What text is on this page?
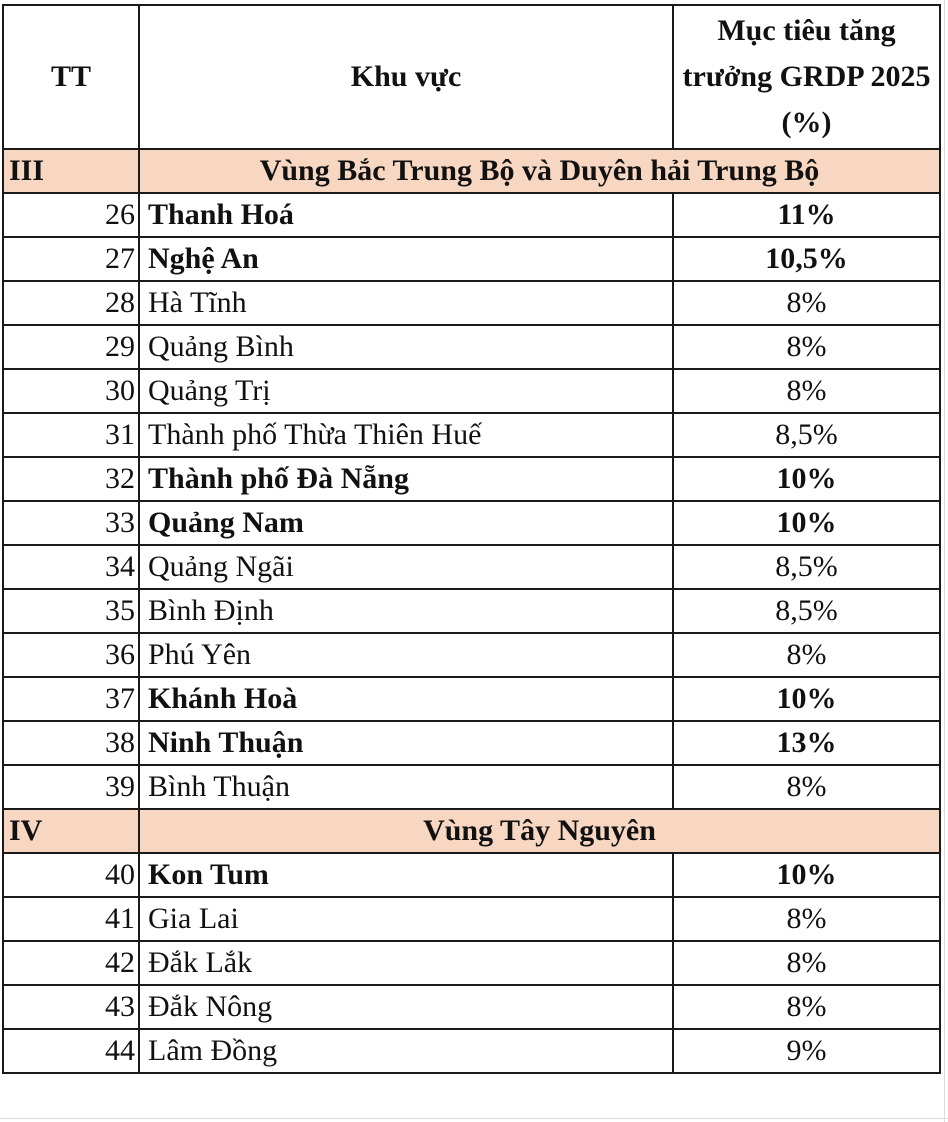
TT	Khu vực	Mục tiêu tăng trưởng GRDP 2025 (%)
III	Vùng Bắc Trung Bộ và Duyên hải Trung Bộ	
26	Thanh Hoá	11%
27	Nghệ An	10,5%
28	Hà Tĩnh	8%
29	Quảng Bình	8%
30	Quảng Trị	8%
31	Thành phố Thừa Thiên Huế	8,5%
32	Thành phố Đà Nẵng	10%
33	Quảng Nam	10%
34	Quảng Ngãi	8,5%
35	Bình Định	8,5%
36	Phú Yên	8%
37	Khánh Hoà	10%
38	Ninh Thuận	13%
39	Bình Thuận	8%
IV	Vùng Tây Nguyên	
40	Kon Tum	10%
41	Gia Lai	8%
42	Đắk Lắk	8%
43	Đắk Nông	8%
44	Lâm Đồng	9%
